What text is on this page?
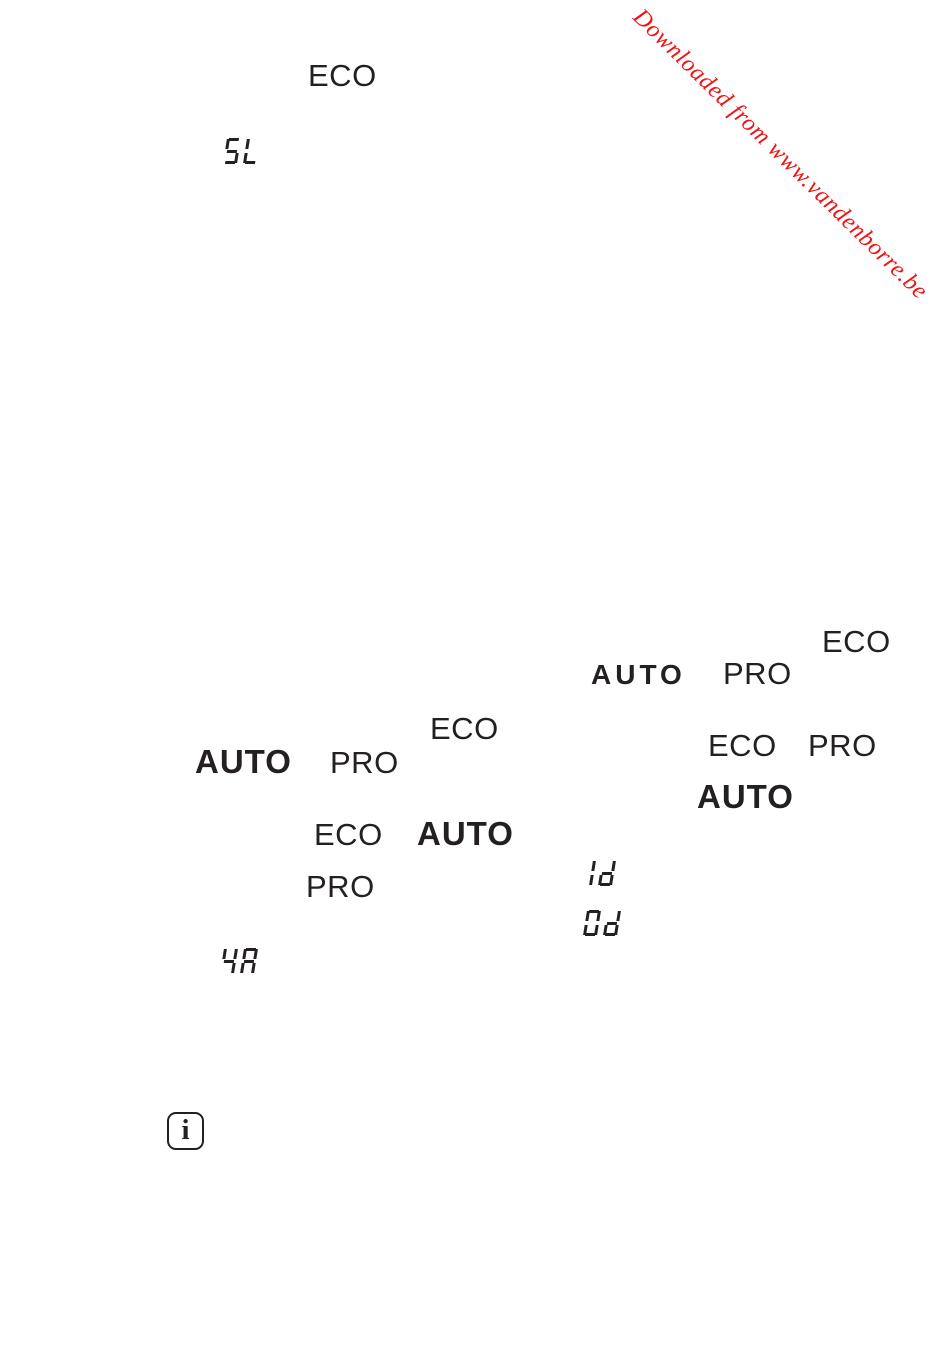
Downloaded from www.vandenborre.be
ECO
ECO
AUTO PRO
ECO
AUTO PRO	ECO PRO
AUTO
ECO AUTO
PRO
i
